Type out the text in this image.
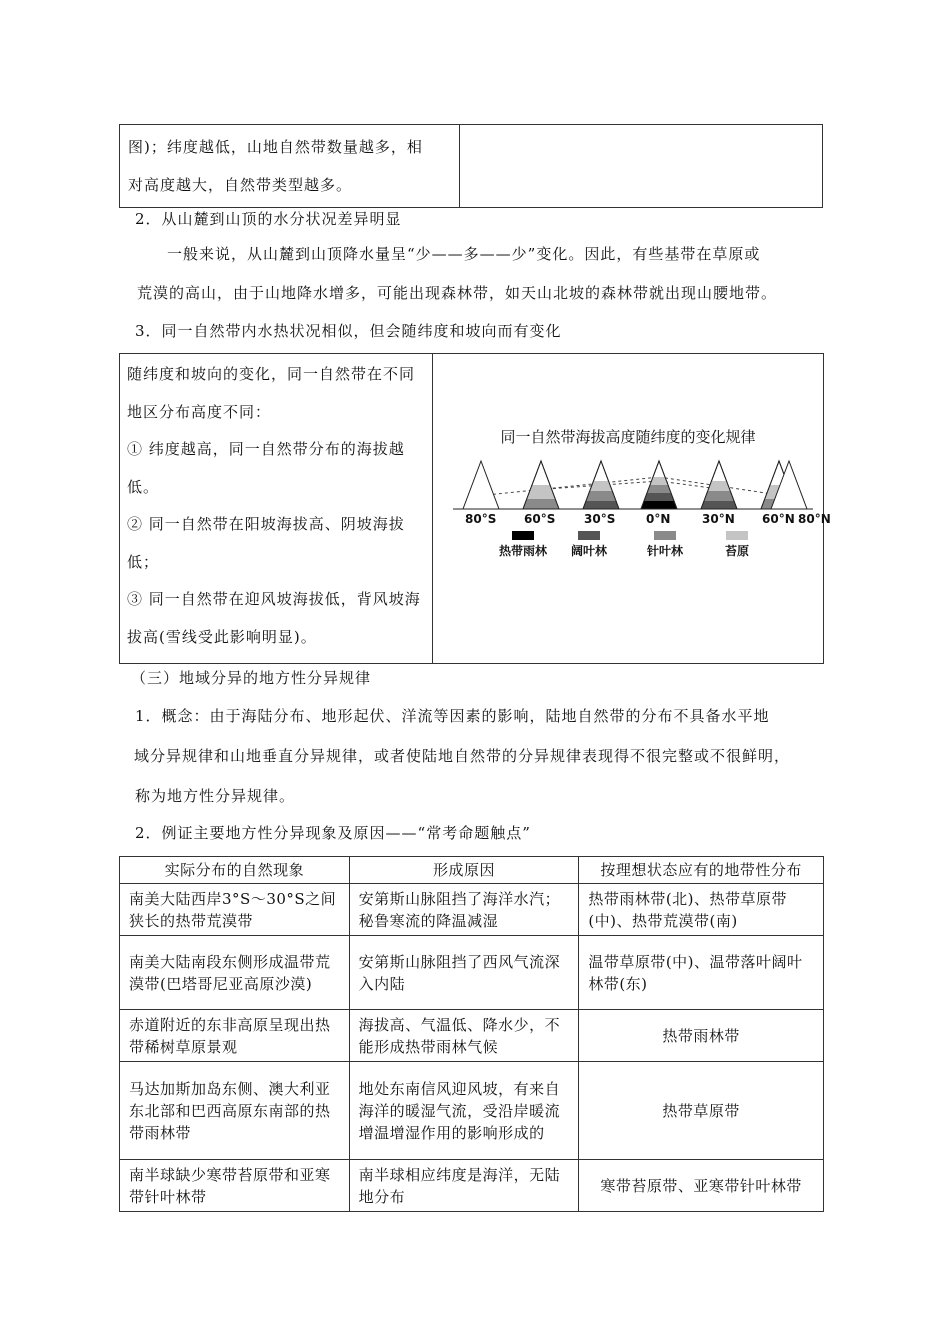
图)；纬度越低，山地自然带数量越多，相
对高度越大，自然带类型越多。

2．从山麓到山顶的水分状况差异明显
一般来说，从山麓到山顶降水量呈“少——多——少”变化。因此，有些基带在草原或
荒漠的高山，由于山地降水增多，可能出现森林带，如天山北坡的森林带就出现山腰地带。
3．同一自然带内水热状况相似，但会随纬度和坡向而有变化
随纬度和坡向的变化，同一自然带在不同
地区分布高度不同：
① 纬度越高，同一自然带分布的海拔越
低。
② 同一自然带在阳坡海拔高、阴坡海拔
低；
③ 同一自然带在迎风坡海拔低，背风坡海
拔高(雪线受此影响明显)。

同一自然带海拔高度随纬度的变化规律
80°S 60°S 30°S	0°N	30°N 60°N 80°N
热带雨林	阔叶林	针叶林	苔原
（三）地域分异的地方性分异规律
1．概念：由于海陆分布、地形起伏、洋流等因素的影响，陆地自然带的分布不具备水平地
域分异规律和山地垂直分异规律，或者使陆地自然带的分异规律表现得不很完整或不很鲜明，
称为地方性分异规律。
2．例证主要地方性分异现象及原因——“常考命题触点”
实际分布的自然现象	形成原因	按理想状态应有的地带性分布
南美大陆西岸3°S～30°S之间狭长的热带荒漠带	安第斯山脉阻挡了海洋水汽；秘鲁寒流的降温减湿	热带雨林带(北)、热带草原带(中)、热带荒漠带(南)
南美大陆南段东侧形成温带荒漠带(巴塔哥尼亚高原沙漠)	安第斯山脉阻挡了西风气流深入内陆	温带草原带(中)、温带落叶阔叶林带(东)
赤道附近的东非高原呈现出热带稀树草原景观	海拔高、气温低、降水少，不能形成热带雨林气候	热带雨林带
马达加斯加岛东侧、澳大利亚东北部和巴西高原东南部的热带雨林带	地处东南信风迎风坡，有来自海洋的暖湿气流，受沿岸暖流增温增湿作用的影响形成的	热带草原带
南半球缺少寒带苔原带和亚寒带针叶林带	南半球相应纬度是海洋，无陆地分布	寒带苔原带、亚寒带针叶林带
